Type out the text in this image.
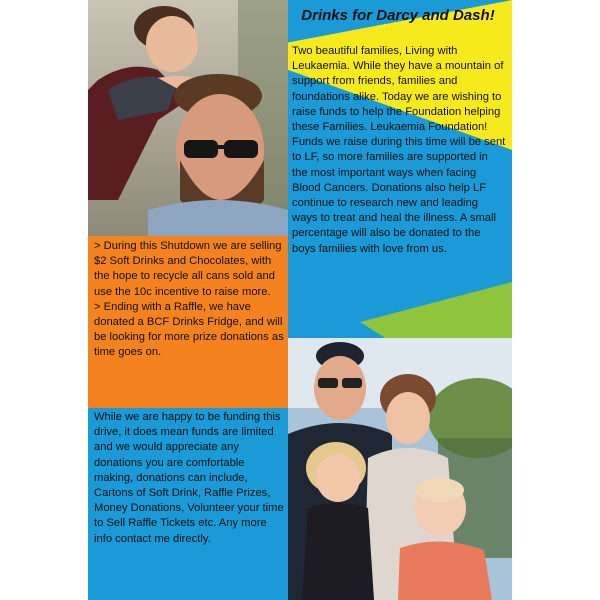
Drinks for Darcy and Dash!
Two beautiful families, Living with Leukaemia. While they have a mountain of support from friends, families and foundations alike. Today we are wishing to raise funds to help the Foundation helping these Families. Leukaemia Foundation! Funds we raise during this time will be sent to LF, so more families are supported in the most important ways when facing Blood Cancers. Donations also help LF continue to research new and leading ways to treat and heal the illness. A small percentage will also be donated to the boys families with love from us.

> During this Shutdown we are selling $2 Soft Drinks and Chocolates, with the hope to recycle all cans sold and use the 10c incentive to raise more.

> Ending with a Raffle, we have donated a BCF Drinks Fridge, and will be looking for more prize donations as time goes on.

While we are happy to be funding this drive, it does mean funds are limited and we would appreciate any donations you are comfortable making, donations can include, Cartons of Soft Drink, Raffle Prizes, Money Donations, Volunteer your time to Sell Raffle Tickets etc. Any more info contact me directly.
